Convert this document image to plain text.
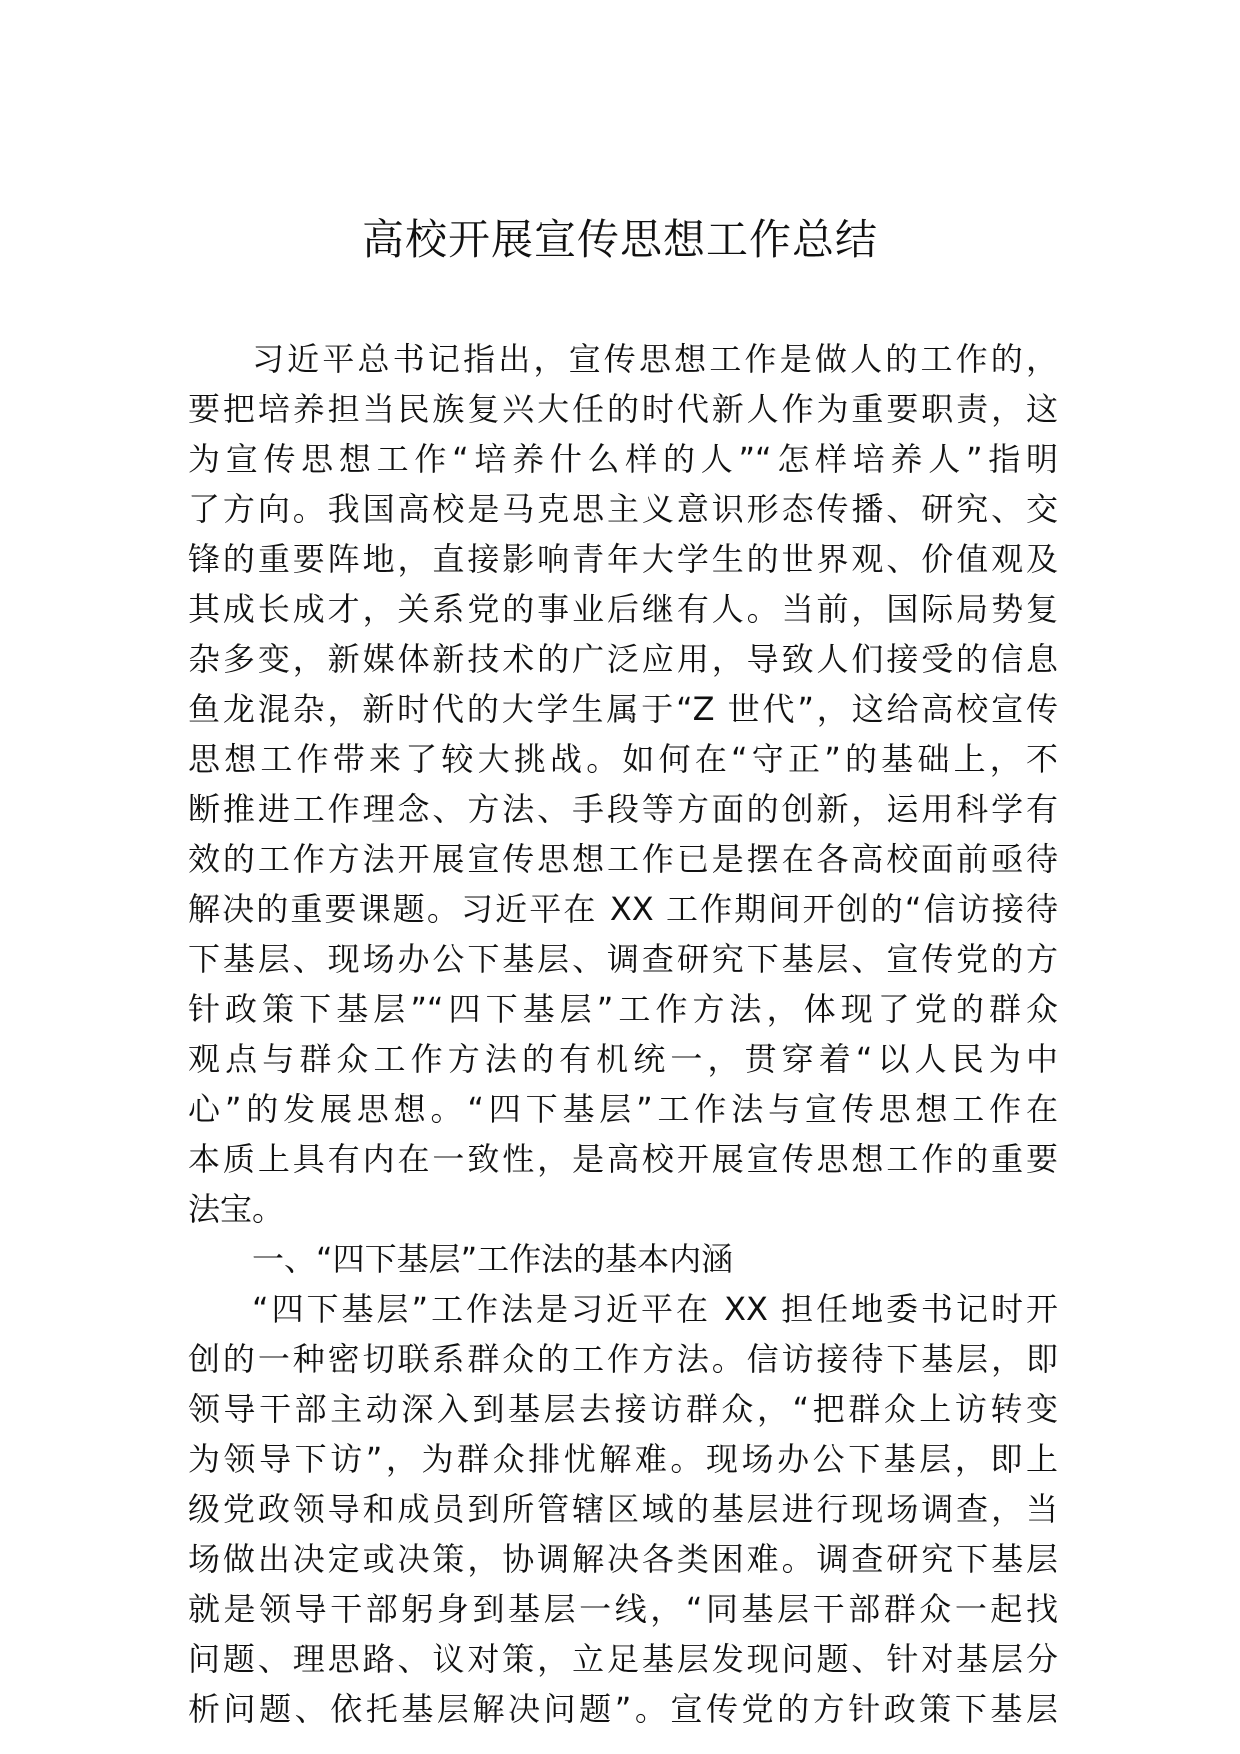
高校开展宣传思想工作总结
习近平总书记指出，宣传思想工作是做人的工作的，
要把培养担当民族复兴大任的时代新人作为重要职责，这
为宣传思想工作“培养什么样的人”“怎样培养人”指明
了方向。我国高校是马克思主义意识形态传播、研究、交
锋的重要阵地，直接影响青年大学生的世界观、价值观及
其成长成才，关系党的事业后继有人。当前，国际局势复
杂多变，新媒体新技术的广泛应用，导致人们接受的信息
鱼龙混杂，新时代的大学生属于“Z 世代”，这给高校宣传
思想工作带来了较大挑战。如何在“守正”的基础上，不
断推进工作理念、方法、手段等方面的创新，运用科学有
效的工作方法开展宣传思想工作已是摆在各高校面前亟待
解决的重要课题。习近平在 XX 工作期间开创的“信访接待
下基层、现场办公下基层、调查研究下基层、宣传党的方
针政策下基层”“四下基层”工作方法，体现了党的群众
观点与群众工作方法的有机统一，贯穿着“以人民为中
心”的发展思想。“四下基层”工作法与宣传思想工作在
本质上具有内在一致性，是高校开展宣传思想工作的重要
法宝。
一、“四下基层”工作法的基本内涵
“四下基层”工作法是习近平在 XX 担任地委书记时开
创的一种密切联系群众的工作方法。信访接待下基层，即
领导干部主动深入到基层去接访群众，“把群众上访转变
为领导下访”，为群众排忧解难。现场办公下基层，即上
级党政领导和成员到所管辖区域的基层进行现场调查，当
场做出决定或决策，协调解决各类困难。调查研究下基层
就是领导干部躬身到基层一线，“同基层干部群众一起找
问题、理思路、议对策，立足基层发现问题、针对基层分
析问题、依托基层解决问题”。宣传党的方针政策下基层
